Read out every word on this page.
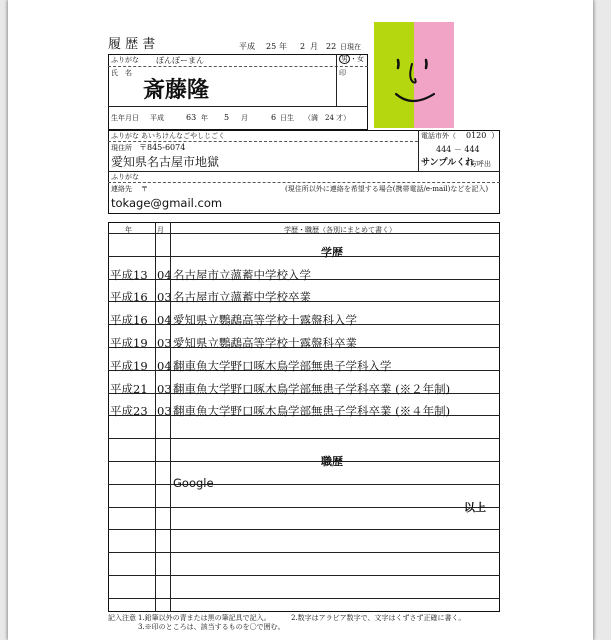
履 歴 書	平成 25 年 2 月 22 日現在
ふりがな ぽんぽーまん	男 ・女
氏　名
斎藤隆
印
生年月日 平成	63 年 5 月	6 日生 （満　24 才）
ふりがな あいちけんなごやしじごく
現住所 〒845-6074
愛知県名古屋市地獄
電話市外（ 0120 ）
444 － 444
サンプルくれ
方呼出
ふりがな
連絡先 〒	(現住所以外に連絡を希望する場合(携帯電話/e-mail)などを記入)
tokage@gmail.com
年	月	学歴・職歴（各別にまとめて書く）
学歴
平成13 04 名古屋市立薀蓄中学校入学
平成16 03 名古屋市立薀蓄中学校卒業
平成16 04 愛知県立鸚鵡高等学校十露盤科入学
平成19 03 愛知県立鸚鵡高等学校十露盤科卒業
平成19 04 翻車魚大学野口啄木鳥学部無患子学科入学
平成21 03 翻車魚大学野口啄木鳥学部無患子学科卒業 (※２年制)
平成23 03 翻車魚大学野口啄木鳥学部無患子学科卒業 (※４年制)
職歴
Google
以上
記入注意 1.鉛筆以外の青または黒の筆記具で記入。	2.数字はアラビア数字で、文字はくずさず正確に書く。
3.※印のところは、該当するものを〇で囲む。
